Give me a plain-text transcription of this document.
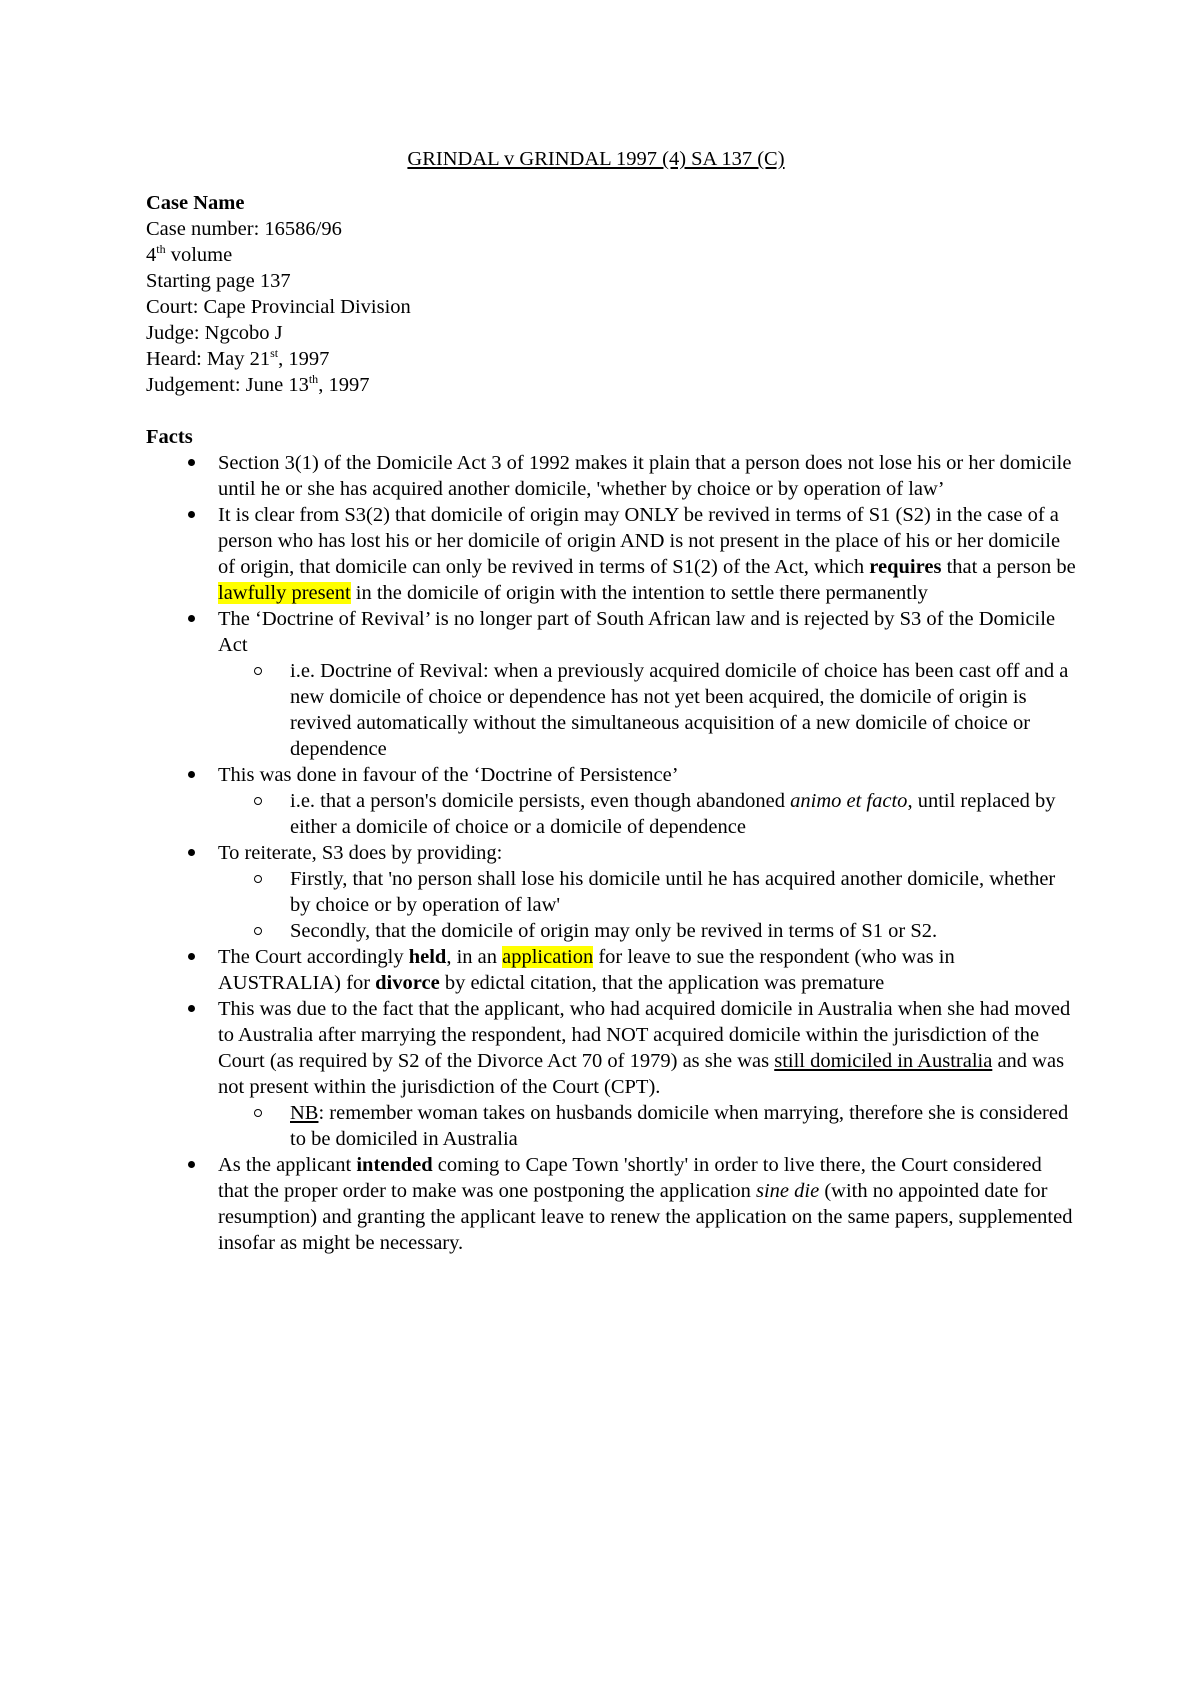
GRINDAL v GRINDAL 1997 (4) SA 137 (C)

Case Name

Case number: 16586/96

4th volume

Starting page 137

Court: Cape Provincial Division

Judge: Ngcobo J

Heard: May 21st, 1997

Judgement: June 13th, 1997

Facts

Section 3(1) of the Domicile Act 3 of 1992 makes it plain that a person does not lose his or her domicile until he or she has acquired another domicile, 'whether by choice or by operation of law’

It is clear from S3(2) that domicile of origin may ONLY be revived in terms of S1 (S2) in the case of a person who has lost his or her domicile of origin AND is not present in the place of his or her domicile of origin, that domicile can only be revived in terms of S1(2) of the Act, which requires that a person be lawfully present in the domicile of origin with the intention to settle there permanently

The ‘Doctrine of Revival’ is no longer part of South African law and is rejected by S3 of the Domicile Act

i.e. Doctrine of Revival: when a previously acquired domicile of choice has been cast off and a new domicile of choice or dependence has not yet been acquired, the domicile of origin is revived automatically without the simultaneous acquisition of a new domicile of choice or dependence

This was done in favour of the ‘Doctrine of Persistence’

i.e. that a person's domicile persists, even though abandoned animo et facto, until replaced by either a domicile of choice or a domicile of dependence

To reiterate, S3 does by providing:

Firstly, that 'no person shall lose his domicile until he has acquired another domicile, whether by choice or by operation of law'

Secondly, that the domicile of origin may only be revived in terms of S1 or S2.

The Court accordingly held, in an application for leave to sue the respondent (who was in AUSTRALIA) for divorce by edictal citation, that the application was premature

This was due to the fact that the applicant, who had acquired domicile in Australia when she had moved to Australia after marrying the respondent, had NOT acquired domicile within the jurisdiction of the Court (as required by S2 of the Divorce Act 70 of 1979) as she was still domiciled in Australia and was not present within the jurisdiction of the Court (CPT).

NB: remember woman takes on husbands domicile when marrying, therefore she is considered to be domiciled in Australia

As the applicant intended coming to Cape Town 'shortly' in order to live there, the Court considered that the proper order to make was one postponing the application sine die (with no appointed date for resumption) and granting the applicant leave to renew the application on the same papers, supplemented insofar as might be necessary.
